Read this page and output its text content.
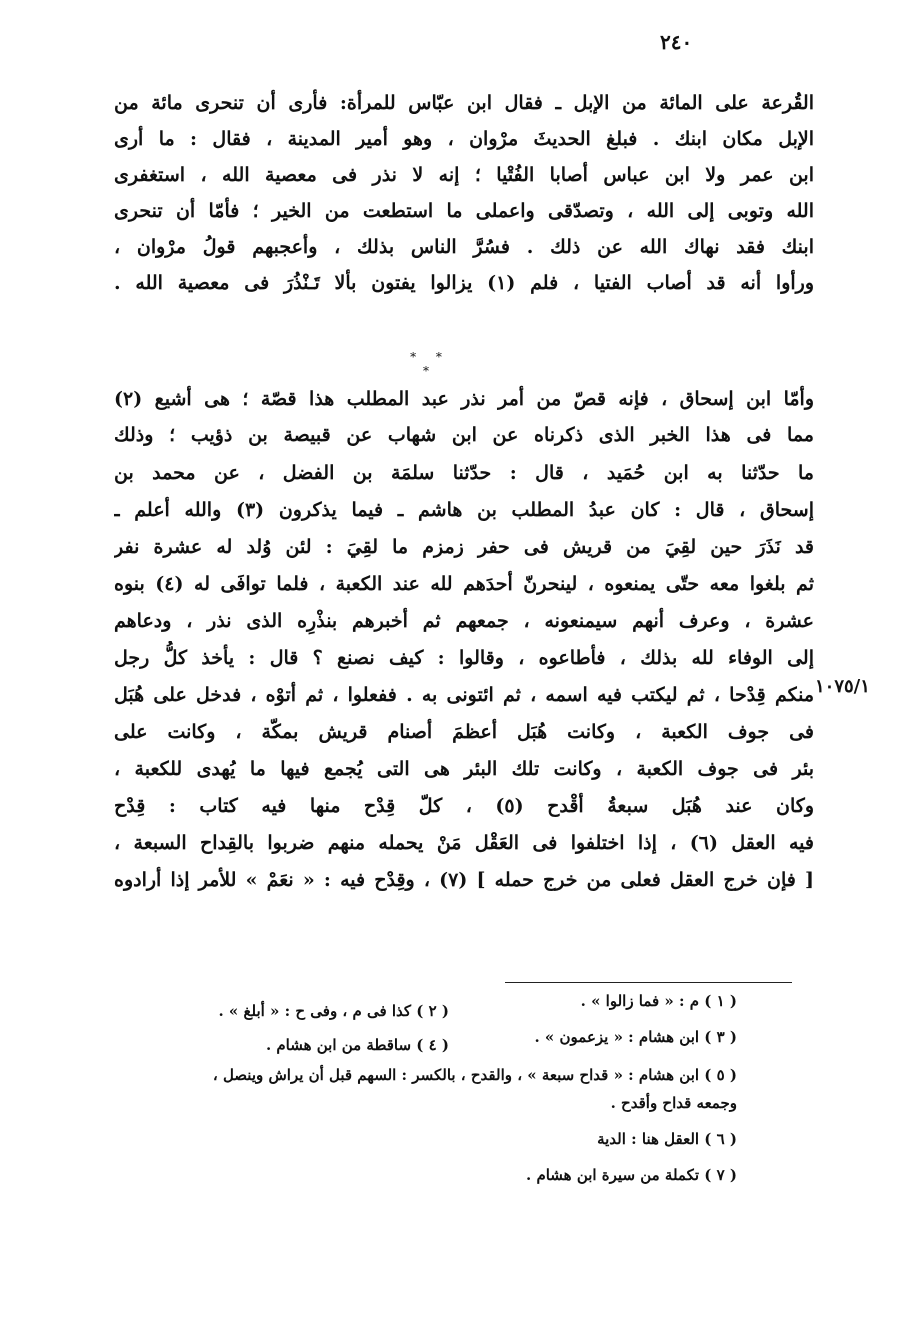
٢٤٠
القُرعة على المائة من الإبل ـ فقال ابن عبّاس للمرأة: فأرى أن تنحرى مائة من
الإبل مكان ابنك . فبلغ الحديثَ مرْوان ، وهو أمير المدينة ، فقال : ما أرى
ابن عمر ولا ابن عباس أصابا الفُتْيا ؛ إنه لا نذر فى معصية الله ، استغفرى
الله وتوبى إلى الله ، وتصدّقى واعملى ما استطعت من الخير ؛ فأمّا أن تنحرى
ابنك فقد نهاك الله عن ذلك . فسُرَّ الناس بذلك ، وأعجبهم قولُ مرْوان ،
ورأوا أنه قد أصاب الفتيا ، فلم (١) يزالوا يفتون بألا تَـنْذُرَ فى معصية الله .
* * *
وأمّا ابن إسحاق ، فإنه قصّ من أمر نذر عبد المطلب هذا قصّة ؛ هى أشيع (٢)
مما فى هذا الخبر الذى ذكرناه عن ابن شهاب عن قبيصة بن ذؤيب ؛ وذلك
ما حدّثنا به ابن حُمَيد ، قال : حدّثنا سلمَة بن الفضل ، عن محمد بن
إسحاق ، قال : كان عبدُ المطلب بن هاشم ـ فيما يذكرون (٣) والله أعلم ـ
قد نَذَرَ حين لقِيَ من قريش فى حفر زمزم ما لقِيَ : لئن وُلد له عشرة نفر
ثم بلغوا معه حتّى يمنعوه ، لينحرنّ أحدَهم لله عند الكعبة ، فلما توافَى له (٤) بنوه
عشرة ، وعرف أنهم سيمنعونه ، جمعهم ثم أخبرهم بنذْرِه الذى نذر ، ودعاهم
إلى الوفاء لله بذلك ، فأطاعوه ، وقالوا : كيف نصنع ؟ قال : يأخذ كلُّ رجل
منكم قِدْحا ، ثم ليكتب فيه اسمه ، ثم ائتونى به . ففعلوا ، ثم أتوْه ، فدخل على هُبَل
فى جوف الكعبة ، وكانت هُبَل أعظمَ أصنام قريش بمكّة ، وكانت على
بئر فى جوف الكعبة ، وكانت تلك البئر هى التى يُجمع فيها ما يُهدى للكعبة ،
وكان عند هُبَل سبعةُ أقْدح (٥) ، كلّ قِدْح منها فيه كتاب : قِدْح
فيه العقل (٦) ، إذا اختلفوا فى العَقْل مَنْ يحمله منهم ضربوا بالقِداح السبعة ،
[ فإن خرج العقل فعلى من خرج حمله ] (٧) ، وقِدْح فيه : « نعَمْ » للأمر إذا أرادوه
١٠٧٥/١
( ١ ) م : « فما زالوا » .
( ٢ ) كذا فى م ، وفى ح : « أبلغ » .
( ٣ ) ابن هشام : « يزعمون » .
( ٤ ) ساقطة من ابن هشام .
( ٥ ) ابن هشام : « قداح سبعة » ، والقدح ، بالكسر : السهم قبل أن يراش وينصل ،
وجمعه قداح وأقدح .
( ٦ ) العقل هنا : الدية
( ٧ ) تكملة من سيرة ابن هشام .
